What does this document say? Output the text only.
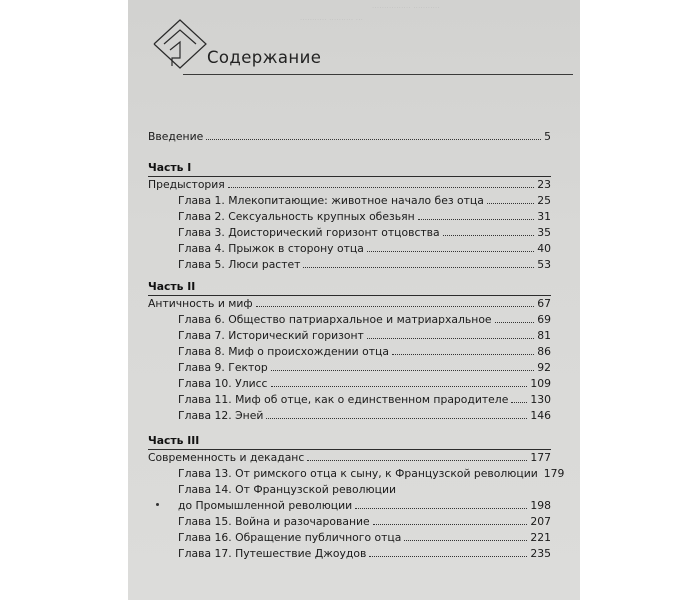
················ ···········
··········· ·········· ···
Содержание
Введение	5
Часть I
Предыстория	23
Глава 1. Млекопитающие: животное начало без отца	25
Глава 2. Сексуальность крупных обезьян	31
Глава 3. Доисторический горизонт отцовства	35
Глава 4. Прыжок в сторону отца	40
Глава 5. Люси растет	53
Часть II
Античность и миф	67
Глава 6. Общество патриархальное и матриархальное	69
Глава 7. Исторический горизонт	81
Глава 8. Миф о происхождении отца	86
Глава 9. Гектор	92
Глава 10. Улисс	109
Глава 11. Миф об отце, как о единственном прародителе 130
Глава 12. Эней	146
Часть III
Современность и декаданс	177
Глава 13. От римского отца к сыну, к Французской революции 179
Глава 14. От Французской революции
до Промышленной революции	198
Глава 15. Война и разочарование	207
Глава 16. Обращение публичного отца	221
Глава 17. Путешествие Джоудов	235
